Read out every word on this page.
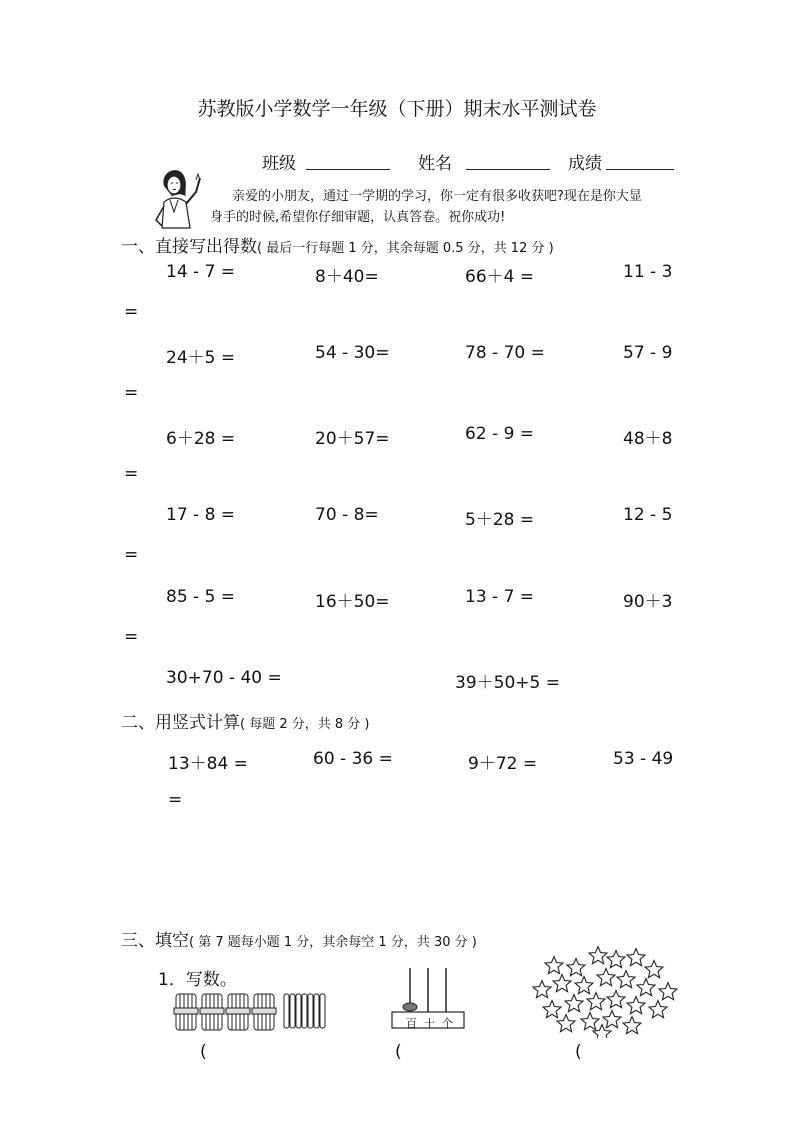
苏教版小学数学一年级（下册）期末水平测试卷
班级	姓名	成绩
亲爱的小朋友，通过一学期的学习，你一定有很多收获吧?现在是你大显
身手的时候,希望你仔细审题，认真答卷。祝你成功!
一、直接写出得数( 最后一行每题 1 分，其余每题 0.5 分，共 12 分 )
14 - 7 =	8＋40=	66＋4 =	11 - 3
=
24＋5 =	54 - 30=	78 - 70 =	57 - 9
=
6＋28 =	20＋57=	62 - 9 =	48＋8
=
17 - 8 =	70 - 8=	5＋28 =	12 - 5
=
85 - 5 =	16＋50=	13 - 7 =	90＋3
=
30+70 - 40 =	39＋50+5 =
二、用竖式计算( 每题 2 分，共 8 分 )
13＋84 =	60 - 36 =	9＋72 =	53 - 49
=
三、填空( 第 7 题每小题 1 分，其余每空 1 分，共 30 分 )
1．写数。
百 十 个
(	(	(
